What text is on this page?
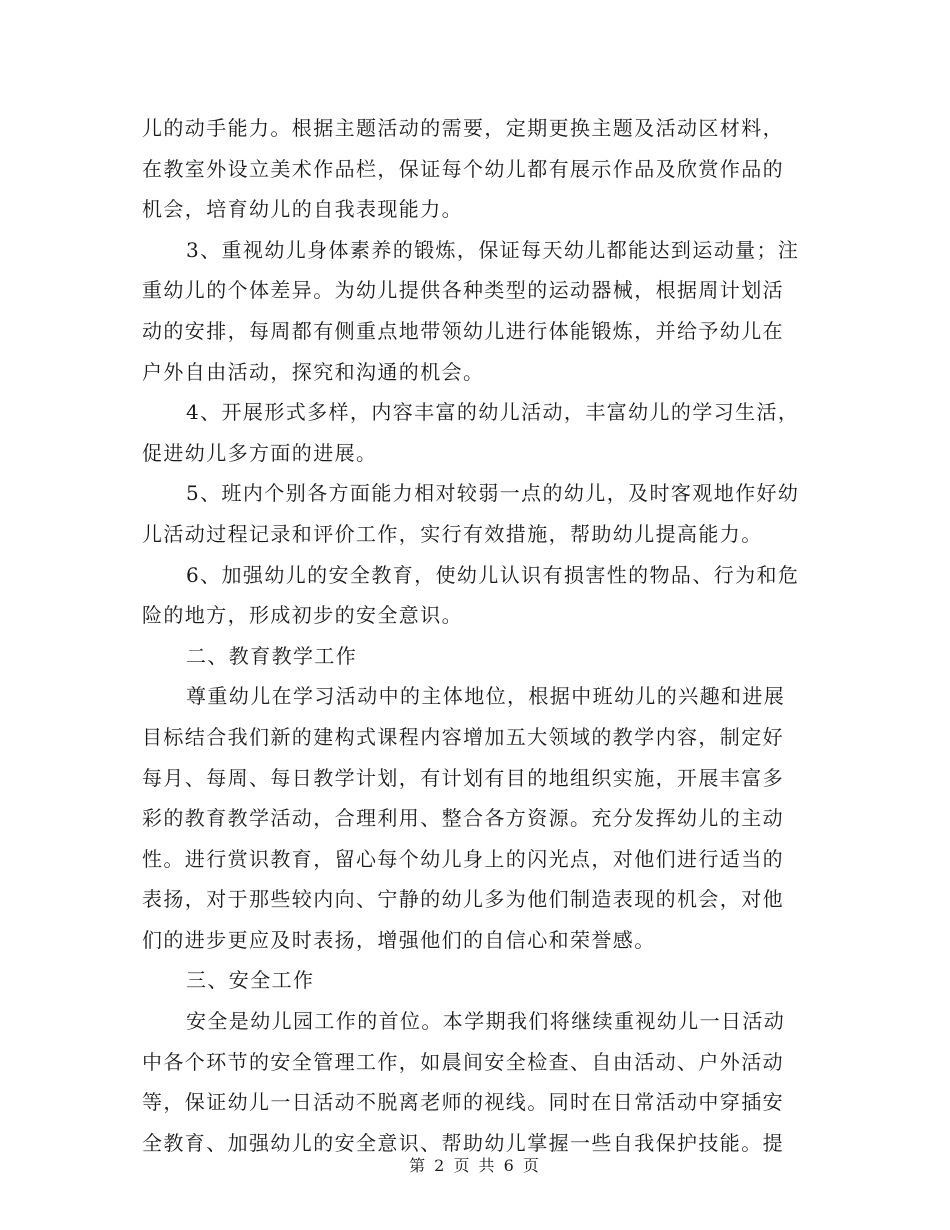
儿的动手能力。根据主题活动的需要，定期更换主题及活动区材料，
在教室外设立美术作品栏，保证每个幼儿都有展示作品及欣赏作品的
机会，培育幼儿的自我表现能力。
3、重视幼儿身体素养的锻炼，保证每天幼儿都能达到运动量；注
重幼儿的个体差异。为幼儿提供各种类型的运动器械，根据周计划活
动的安排，每周都有侧重点地带领幼儿进行体能锻炼，并给予幼儿在
户外自由活动，探究和沟通的机会。
4、开展形式多样，内容丰富的幼儿活动，丰富幼儿的学习生活，
促进幼儿多方面的进展。
5、班内个别各方面能力相对较弱一点的幼儿，及时客观地作好幼
儿活动过程记录和评价工作，实行有效措施，帮助幼儿提高能力。
6、加强幼儿的安全教育，使幼儿认识有损害性的物品、行为和危
险的地方，形成初步的安全意识。
二、教育教学工作
尊重幼儿在学习活动中的主体地位，根据中班幼儿的兴趣和进展
目标结合我们新的建构式课程内容增加五大领域的教学内容，制定好
每月、每周、每日教学计划，有计划有目的地组织实施，开展丰富多
彩的教育教学活动，合理利用、整合各方资源。充分发挥幼儿的主动
性。进行赏识教育，留心每个幼儿身上的闪光点，对他们进行适当的
表扬，对于那些较内向、宁静的幼儿多为他们制造表现的机会，对他
们的进步更应及时表扬，增强他们的自信心和荣誉感。
三、安全工作
安全是幼儿园工作的首位。本学期我们将继续重视幼儿一日活动
中各个环节的安全管理工作，如晨间安全检查、自由活动、户外活动
等，保证幼儿一日活动不脱离老师的视线。同时在日常活动中穿插安
全教育、加强幼儿的安全意识、帮助幼儿掌握一些自我保护技能。提
第 2 页 共 6 页
